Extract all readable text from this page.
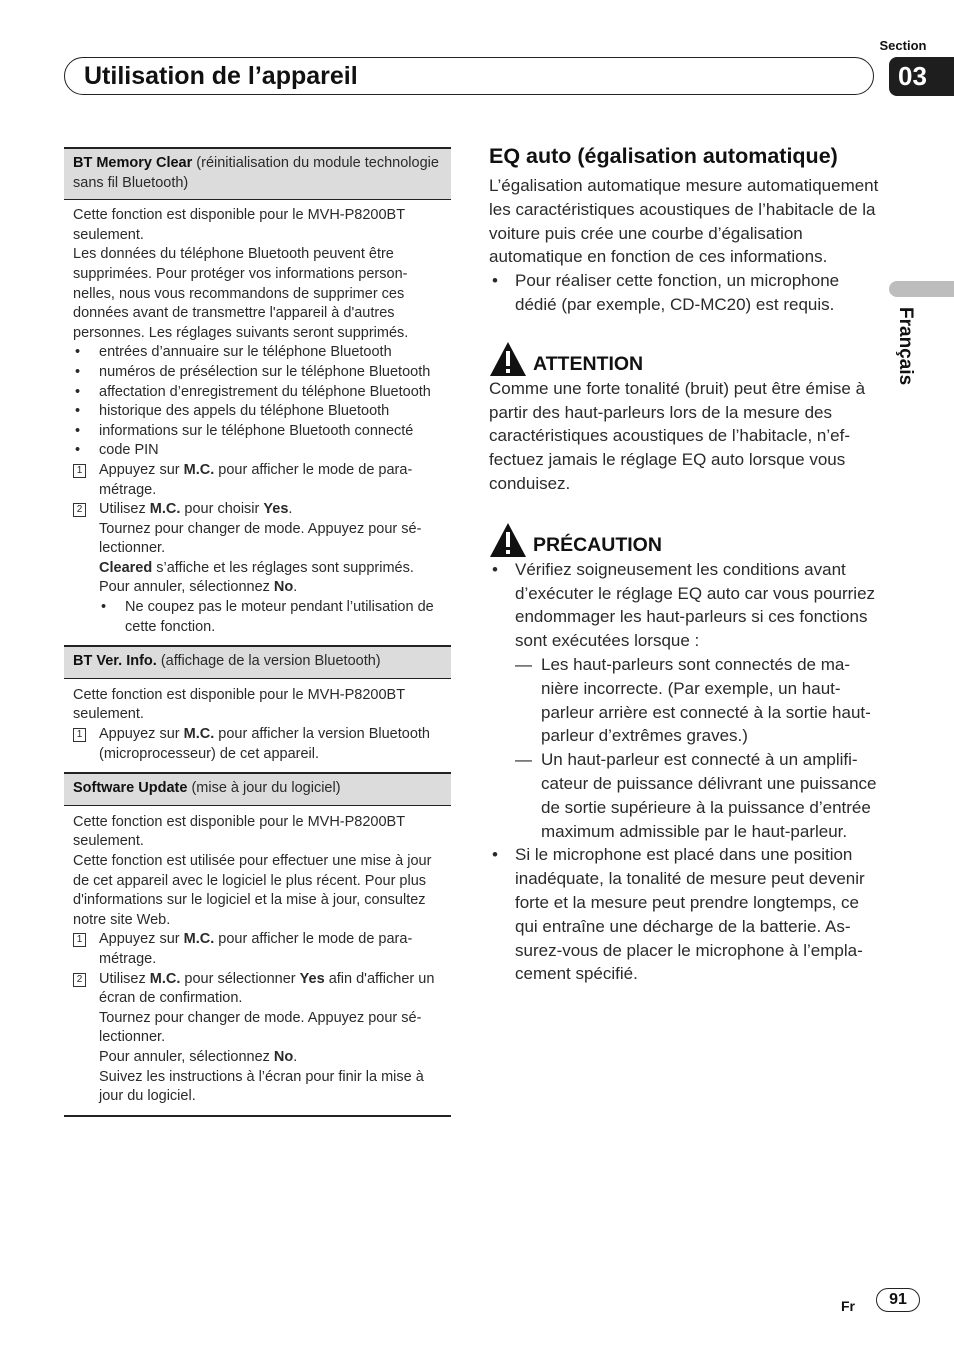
Section
03
Utilisation de l’appareil
Français
BT Memory Clear (réinitialisation du module technologie sans fil Bluetooth)

Cette fonction est disponible pour le MVH-P8200BT seulement.

Les données du téléphone Bluetooth peuvent être supprimées. Pour protéger vos informations personnelles, nous vous recommandons de supprimer ces données avant de transmettre l'appareil à d'autres personnes. Les réglages suivants seront supprimés.

• entrées d’annuaire sur le téléphone Bluetooth
• numéros de présélection sur le téléphone Bluetooth
• affectation d’enregistrement du téléphone Bluetooth
• historique des appels du téléphone Bluetooth
• informations sur le téléphone Bluetooth connecté
• code PIN
1 Appuyez sur M.C. pour afficher le mode de paramétrage.
2 Utilisez M.C. pour choisir Yes.
Tournez pour changer de mode. Appuyez pour sélectionner.
Cleared s’affiche et les réglages sont supprimés.
Pour annuler, sélectionnez No.
• Ne coupez pas le moteur pendant l’utilisation de cette fonction.
BT Ver. Info. (affichage de la version Bluetooth)

Cette fonction est disponible pour le MVH-P8200BT seulement.

1 Appuyez sur M.C. pour afficher la version Bluetooth (microprocesseur) de cet appareil.
Software Update (mise à jour du logiciel)

Cette fonction est disponible pour le MVH-P8200BT seulement.

Cette fonction est utilisée pour effectuer une mise à jour de cet appareil avec le logiciel le plus récent. Pour plus d'informations sur le logiciel et la mise à jour, consultez notre site Web.

1 Appuyez sur M.C. pour afficher le mode de paramétrage.
2 Utilisez M.C. pour sélectionner Yes afin d'afficher un écran de confirmation.
Tournez pour changer de mode. Appuyez pour sélectionner.
Pour annuler, sélectionnez No.
Suivez les instructions à l’écran pour finir la mise à jour du logiciel.
EQ auto (égalisation automatique)
L’égalisation automatique mesure automatiquement les caractéristiques acoustiques de l’habitacle de la voiture puis crée une courbe d’égalisation automatique en fonction de ces informations.
• Pour réaliser cette fonction, un microphone dédié (par exemple, CD-MC20) est requis.
ATTENTION
Comme une forte tonalité (bruit) peut être émise à partir des haut-parleurs lors de la mesure des caractéristiques acoustiques de l’habitacle, n’effectuez jamais le réglage EQ auto lorsque vous conduisez.
PRÉCAUTION
• Vérifiez soigneusement les conditions avant d’exécuter le réglage EQ auto car vous pourriez endommager les haut-parleurs si ces fonctions sont exécutées lorsque :
— Les haut-parleurs sont connectés de manière incorrecte. (Par exemple, un haut-parleur arrière est connecté à la sortie haut-parleur d’extrêmes graves.)
— Un haut-parleur est connecté à un amplificateur de puissance délivrant une puissance de sortie supérieure à la puissance d’entrée maximum admissible par le haut-parleur.
• Si le microphone est placé dans une position inadéquate, la tonalité de mesure peut devenir forte et la mesure peut prendre longtemps, ce qui entraîne une décharge de la batterie. Assurez-vous de placer le microphone à l’emplacement spécifié.
Fr	91
